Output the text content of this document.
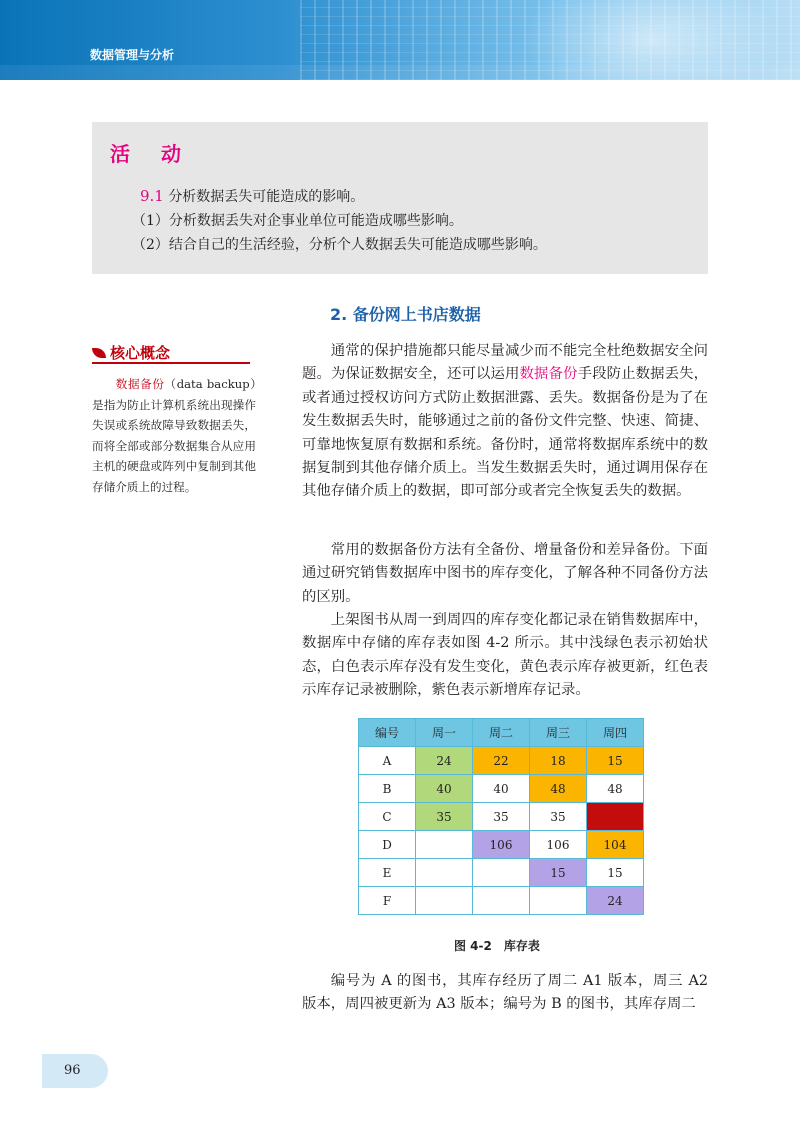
数据管理与分析
活 动
9.1 分析数据丢失可能造成的影响。
（1）分析数据丢失对企事业单位可能造成哪些影响。
（2）结合自己的生活经验，分析个人数据丢失可能造成哪些影响。
2. 备份网上书店数据
核心概念
数据备份（data backup）是指为防止计算机系统出现操作失误或系统故障导致数据丢失，而将全部或部分数据集合从应用主机的硬盘或阵列中复制到其他存储介质上的过程。
通常的保护措施都只能尽量减少而不能完全杜绝数据安全问题。为保证数据安全，还可以运用数据备份手段防止数据丢失，或者通过授权访问方式防止数据泄露、丢失。数据备份是为了在发生数据丢失时，能够通过之前的备份文件完整、快速、简捷、可靠地恢复原有数据和系统。备份时，通常将数据库系统中的数据复制到其他存储介质上。当发生数据丢失时，通过调用保存在其他存储介质上的数据，即可部分或者完全恢复丢失的数据。
常用的数据备份方法有全备份、增量备份和差异备份。下面通过研究销售数据库中图书的库存变化，了解各种不同备份方法的区别。
上架图书从周一到周四的库存变化都记录在销售数据库中，数据库中存储的库存表如图 4-2 所示。其中浅绿色表示初始状态，白色表示库存没有发生变化，黄色表示库存被更新，红色表示库存记录被删除，紫色表示新增库存记录。
编号	周一	周二	周三	周四
A	24	22	18	15
B	40	40	48	48
C	35	35	35	
D		106	106	104
E			15	15
F				24
图 4-2　库存表
编号为 A 的图书，其库存经历了周二 A1 版本，周三 A2 版本，周四被更新为 A3 版本；编号为 B 的图书，其库存周二
96
